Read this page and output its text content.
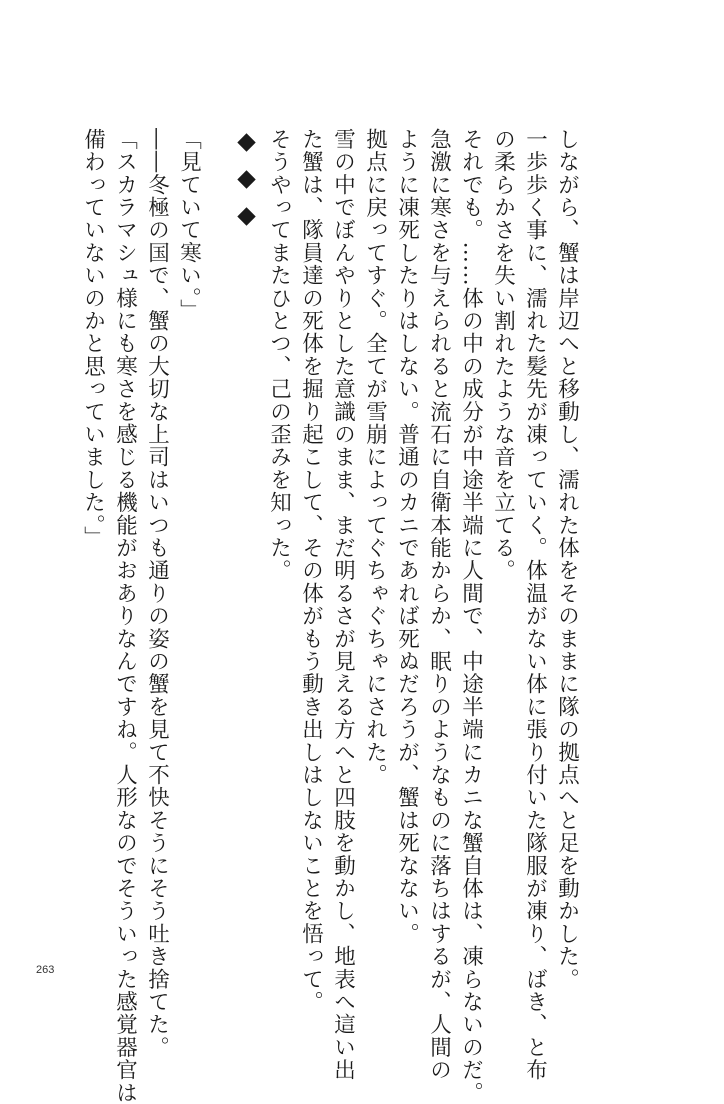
しながら、蟹は岸辺へと移動し、濡れた体をそのままに隊の拠点へと足を動かした。
一歩歩く事に、濡れた髪先が凍っていく。体温がない体に張り付いた隊服が凍り、ばき、と布
の柔らかさを失い割れたような音を立てる。
それでも。……体の中の成分が中途半端に人間で、中途半端にカニな蟹自体は、凍らないのだ。
急激に寒さを与えられると流石に自衛本能からか、眠りのようなものに落ちはするが、人間の
ように凍死したりはしない。普通のカニであれば死ぬだろうが、蟹は死なない。
拠点に戻ってすぐ。全てが雪崩によってぐちゃぐちゃにされた。
雪の中でぼんやりとした意識のまま、まだ明るさが見える方へと四肢を動かし、地表へ這い出
た蟹は、隊員達の死体を掘り起こして、その体がもう動き出しはしないことを悟って。
そうやってまたひとつ、己の歪みを知った。
「見ていて寒い。」
――冬極の国で、蟹の大切な上司はいつも通りの姿の蟹を見て不快そうにそう吐き捨てた。
「スカラマシュ様にも寒さを感じる機能がおありなんですね。人形なのでそういった感覚器官は
備わっていないのかと思っていました。」
263
